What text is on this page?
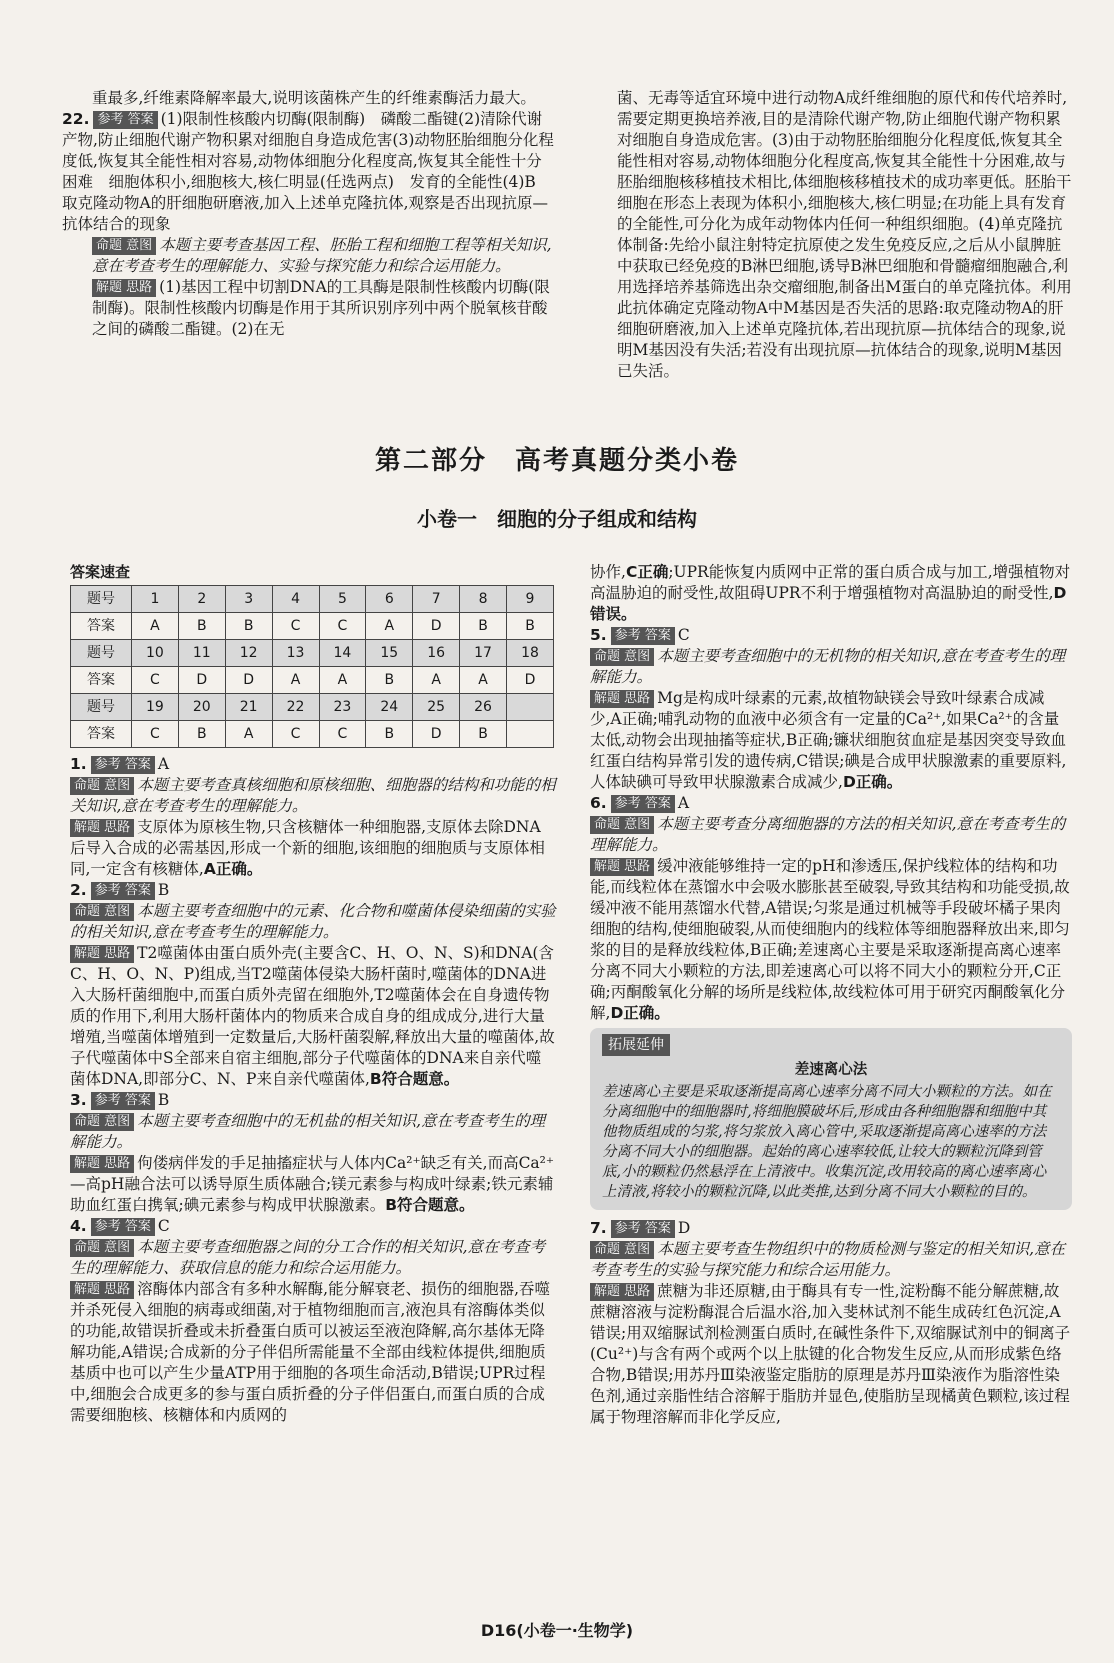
重最多,纤维素降解率最大,说明该菌株产生的纤维素酶活力最大。

22. 参考 答案 (1)限制性核酸内切酶(限制酶)　磷酸二酯键(2)清除代谢产物,防止细胞代谢产物积累对细胞自身造成危害(3)动物胚胎细胞分化程度低,恢复其全能性相对容易,动物体细胞分化程度高,恢复其全能性十分困难　细胞体积小,细胞核大,核仁明显(任选两点)　发育的全能性(4)B　取克隆动物A的肝细胞研磨液,加入上述单克隆抗体,观察是否出现抗原—抗体结合的现象

命题 意图 本题主要考查基因工程、胚胎工程和细胞工程等相关知识,意在考查考生的理解能力、实验与探究能力和综合运用能力。

解题 思路 (1)基因工程中切割DNA的工具酶是限制性核酸内切酶(限制酶)。限制性核酸内切酶是作用于其所识别序列中两个脱氧核苷酸之间的磷酸二酯键。(2)在无

菌、无毒等适宜环境中进行动物A成纤维细胞的原代和传代培养时,需要定期更换培养液,目的是清除代谢产物,防止细胞代谢产物积累对细胞自身造成危害。(3)由于动物胚胎细胞分化程度低,恢复其全能性相对容易,动物体细胞分化程度高,恢复其全能性十分困难,故与胚胎细胞核移植技术相比,体细胞核移植技术的成功率更低。胚胎干细胞在形态上表现为体积小,细胞核大,核仁明显;在功能上具有发育的全能性,可分化为成年动物体内任何一种组织细胞。(4)单克隆抗体制备:先给小鼠注射特定抗原使之发生免疫反应,之后从小鼠脾脏中获取已经免疫的B淋巴细胞,诱导B淋巴细胞和骨髓瘤细胞融合,利用选择培养基筛选出杂交瘤细胞,制备出M蛋白的单克隆抗体。利用此抗体确定克隆动物A中M基因是否失活的思路:取克隆动物A的肝细胞研磨液,加入上述单克隆抗体,若出现抗原—抗体结合的现象,说明M基因没有失活;若没有出现抗原—抗体结合的现象,说明M基因已失活。

第二部分　高考真题分类小卷
小卷一　细胞的分子组成和结构
答案速查
题号	1	2	3	4	5	6	7	8	9
答案	A	B	B	C	C	A	D	B	B
题号	10	11	12	13	14	15	16	17	18
答案	C	D	D	A	A	B	A	A	D
题号	19	20	21	22	23	24	25	26	
答案	C	B	A	C	C	B	D	B	

1. 参考 答案 A

命题 意图 本题主要考查真核细胞和原核细胞、细胞器的结构和功能的相关知识,意在考查考生的理解能力。

解题 思路 支原体为原核生物,只含核糖体一种细胞器,支原体去除DNA后导入合成的必需基因,形成一个新的细胞,该细胞的细胞质与支原体相同,一定含有核糖体,A正确。

2. 参考 答案 B

命题 意图 本题主要考查细胞中的元素、化合物和噬菌体侵染细菌的实验的相关知识,意在考查考生的理解能力。

解题 思路 T2噬菌体由蛋白质外壳(主要含C、H、O、N、S)和DNA(含C、H、O、N、P)组成,当T2噬菌体侵染大肠杆菌时,噬菌体的DNA进入大肠杆菌细胞中,而蛋白质外壳留在细胞外,T2噬菌体会在自身遗传物质的作用下,利用大肠杆菌体内的物质来合成自身的组成成分,进行大量增殖,当噬菌体增殖到一定数量后,大肠杆菌裂解,释放出大量的噬菌体,故子代噬菌体中S全部来自宿主细胞,部分子代噬菌体的DNA来自亲代噬菌体DNA,即部分C、N、P来自亲代噬菌体,B符合题意。

3. 参考 答案 B

命题 意图 本题主要考查细胞中的无机盐的相关知识,意在考查考生的理解能力。

解题 思路 佝偻病伴发的手足抽搐症状与人体内Ca²⁺缺乏有关,而高Ca²⁺—高pH融合法可以诱导原生质体融合;镁元素参与构成叶绿素;铁元素辅助血红蛋白携氧;碘元素参与构成甲状腺激素。B符合题意。

4. 参考 答案 C

命题 意图 本题主要考查细胞器之间的分工合作的相关知识,意在考查考生的理解能力、获取信息的能力和综合运用能力。

解题 思路 溶酶体内部含有多种水解酶,能分解衰老、损伤的细胞器,吞噬并杀死侵入细胞的病毒或细菌,对于植物细胞而言,液泡具有溶酶体类似的功能,故错误折叠或未折叠蛋白质可以被运至液泡降解,高尔基体无降解功能,A错误;合成新的分子伴侣所需能量不全部由线粒体提供,细胞质基质中也可以产生少量ATP用于细胞的各项生命活动,B错误;UPR过程中,细胞会合成更多的参与蛋白质折叠的分子伴侣蛋白,而蛋白质的合成需要细胞核、核糖体和内质网的

协作,C正确;UPR能恢复内质网中正常的蛋白质合成与加工,增强植物对高温胁迫的耐受性,故阻碍UPR不利于增强植物对高温胁迫的耐受性,D错误。

5. 参考 答案 C

命题 意图 本题主要考查细胞中的无机物的相关知识,意在考查考生的理解能力。

解题 思路 Mg是构成叶绿素的元素,故植物缺镁会导致叶绿素合成减少,A正确;哺乳动物的血液中必须含有一定量的Ca²⁺,如果Ca²⁺的含量太低,动物会出现抽搐等症状,B正确;镰状细胞贫血症是基因突变导致血红蛋白结构异常引发的遗传病,C错误;碘是合成甲状腺激素的重要原料,人体缺碘可导致甲状腺激素合成减少,D正确。

6. 参考 答案 A

命题 意图 本题主要考查分离细胞器的方法的相关知识,意在考查考生的理解能力。

解题 思路 缓冲液能够维持一定的pH和渗透压,保护线粒体的结构和功能,而线粒体在蒸馏水中会吸水膨胀甚至破裂,导致其结构和功能受损,故缓冲液不能用蒸馏水代替,A错误;匀浆是通过机械等手段破坏橘子果肉细胞的结构,使细胞破裂,从而使细胞内的线粒体等细胞器释放出来,即匀浆的目的是释放线粒体,B正确;差速离心主要是采取逐渐提高离心速率分离不同大小颗粒的方法,即差速离心可以将不同大小的颗粒分开,C正确;丙酮酸氧化分解的场所是线粒体,故线粒体可用于研究丙酮酸氧化分解,D正确。

拓展延伸
差速离心法
差速离心主要是采取逐渐提高离心速率分离不同大小颗粒的方法。如在分离细胞中的细胞器时,将细胞膜破坏后,形成由各种细胞器和细胞中其他物质组成的匀浆,将匀浆放入离心管中,采取逐渐提高离心速率的方法分离不同大小的细胞器。起始的离心速率较低,让较大的颗粒沉降到管底,小的颗粒仍然悬浮在上清液中。收集沉淀,改用较高的离心速率离心上清液,将较小的颗粒沉降,以此类推,达到分离不同大小颗粒的目的。

7. 参考 答案 D

命题 意图 本题主要考查生物组织中的物质检测与鉴定的相关知识,意在考查考生的实验与探究能力和综合运用能力。

解题 思路 蔗糖为非还原糖,由于酶具有专一性,淀粉酶不能分解蔗糖,故蔗糖溶液与淀粉酶混合后温水浴,加入斐林试剂不能生成砖红色沉淀,A错误;用双缩脲试剂检测蛋白质时,在碱性条件下,双缩脲试剂中的铜离子(Cu²⁺)与含有两个或两个以上肽键的化合物发生反应,从而形成紫色络合物,B错误;用苏丹Ⅲ染液鉴定脂肪的原理是苏丹Ⅲ染液作为脂溶性染色剂,通过亲脂性结合溶解于脂肪并显色,使脂肪呈现橘黄色颗粒,该过程属于物理溶解而非化学反应,

D16(小卷一·生物学)
